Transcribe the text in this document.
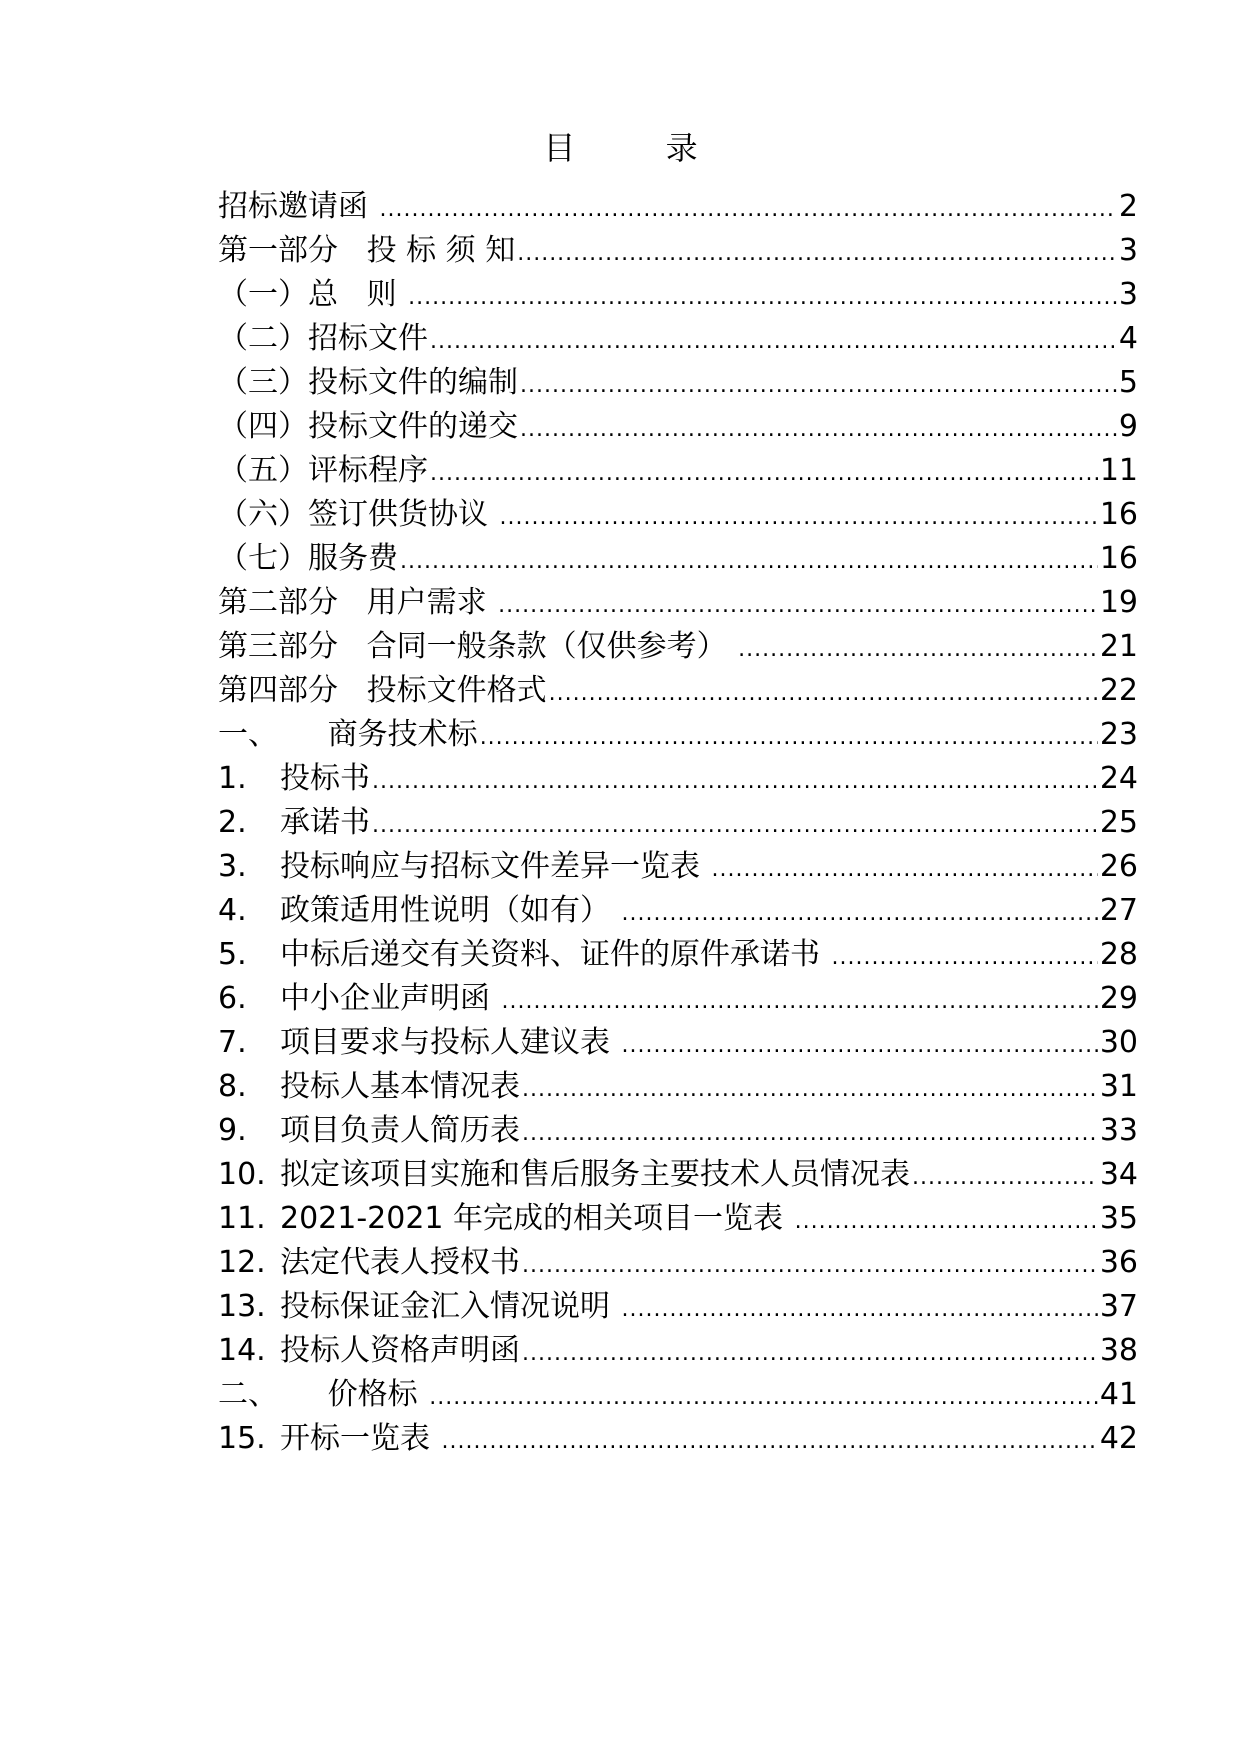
目 录
招标邀请函 .....	2
第一部分   投 标 须 知 .....	3
（一）总   则 .....	3
（二）招标文件 .....	4
（三）投标文件的编制 .....	5
（四）投标文件的递交 .....	9
（五）评标程序 .....	11
（六）签订供货协议 .....	16
（七）服务费 .....	16
第二部分   用户需求 .....	19
第三部分   合同一般条款（仅供参考） .....	21
第四部分   投标文件格式 .....	22
一、 商务技术标 .....	23
1.	投标书 .....	24
2.	承诺书 .....	25
3.	投标响应与招标文件差异一览表 .....	26
4.	政策适用性说明（如有） .....	27
5.	中标后递交有关资料、证件的原件承诺书 .....	28
6.	中小企业声明函 .....	29
7.	项目要求与投标人建议表 .....	30
8.	投标人基本情况表 .....	31
9.	项目负责人简历表 .....	33
10. 拟定该项目实施和售后服务主要技术人员情况表 .....	34
11. 2021-2021 年完成的相关项目一览表 .....	35
12. 法定代表人授权书 .....	36
13. 投标保证金汇入情况说明 .....	37
14. 投标人资格声明函 .....	38
二、 价格标 .....	41
15. 开标一览表 .....	42
